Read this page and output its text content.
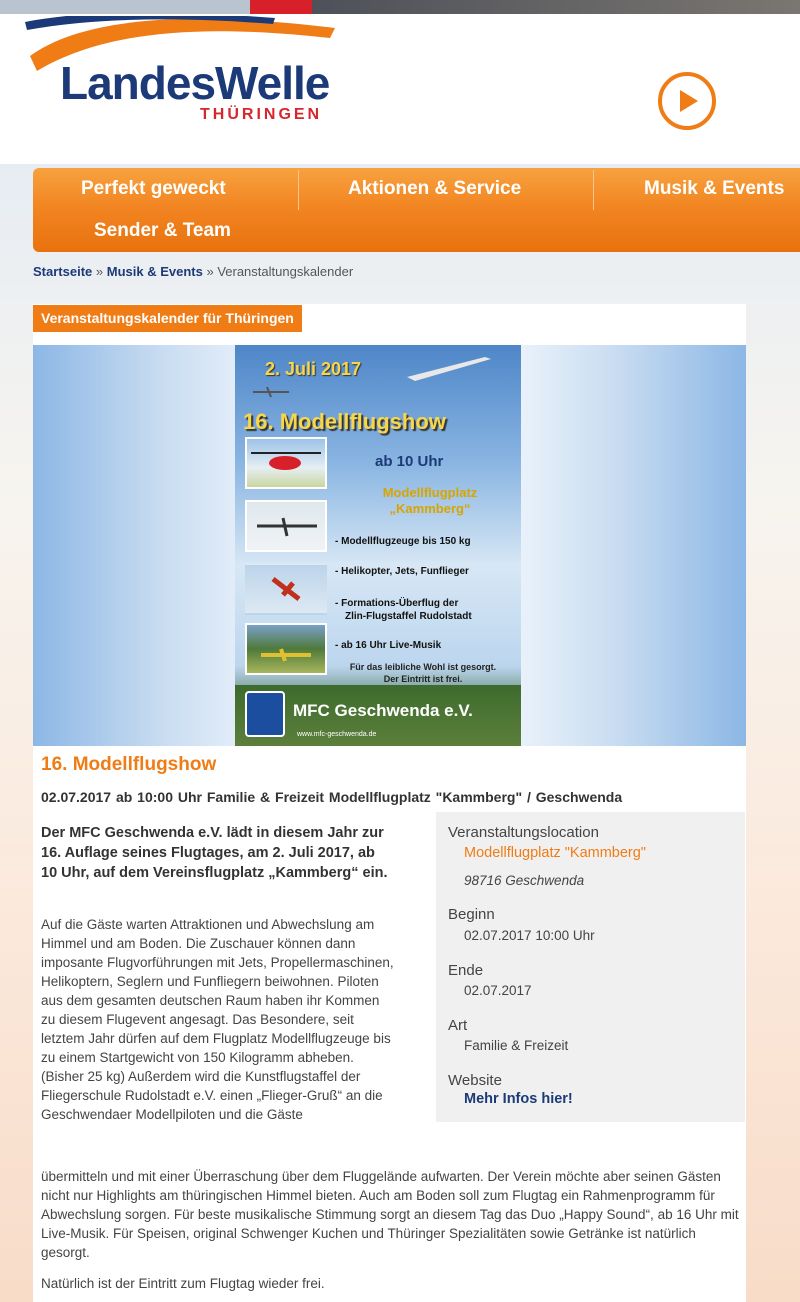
LandesWelle
THÜRINGEN
Perfekt geweckt	Aktionen & Service	Musik & Events
Sender & Team
Startseite » Musik & Events » Veranstaltungskalender
Veranstaltungskalender für Thüringen
2. Juli 2017
16. Modellflugshow
ab 10 Uhr
Modellflugplatz
„Kammberg“
- Modellflugzeuge bis 150 kg
- Helikopter, Jets, Funflieger
- Formations-Überflug der
Zlin-Flugstaffel Rudolstadt
- ab 16 Uhr Live-Musik
Für das leibliche Wohl ist gesorgt.
Der Eintritt ist frei.
MFC Geschwenda e.V.
www.mfc-geschwenda.de
16. Modellflugshow
02.07.2017 ab 10:00 Uhr Familie & Freizeit Modellflugplatz "Kammberg" / Geschwenda
Der MFC Geschwenda e.V. lädt in diesem Jahr zur 16. Auflage seines Flugtages, am 2. Juli 2017, ab 10 Uhr, auf dem Vereinsflugplatz „Kammberg“ ein.
Auf die Gäste warten Attraktionen und Abwechslung am Himmel und am Boden. Die Zuschauer können dann imposante Flugvorführungen mit Jets, Propellermaschinen, Helikoptern, Seglern und Funfliegern beiwohnen. Piloten aus dem gesamten deutschen Raum haben ihr Kommen zu diesem Flugevent angesagt. Das Besondere, seit letztem Jahr dürfen auf dem Flugplatz Modellflugzeuge bis zu einem Startgewicht von 150 Kilogramm abheben. (Bisher 25 kg) Außerdem wird die Kunstflugstaffel der Fliegerschule Rudolstadt e.V. einen „Flieger-Gruß“ an die Geschwendaer Modellpiloten und die Gäste
übermitteln und mit einer Überraschung über dem Fluggelände aufwarten. Der Verein möchte aber seinen Gästen nicht nur Highlights am thüringischen Himmel bieten. Auch am Boden soll zum Flugtag ein Rahmenprogramm für Abwechslung sorgen. Für beste musikalische Stimmung sorgt an diesem Tag das Duo „Happy Sound“, ab 16 Uhr mit Live-Musik. Für Speisen, original Schwenger Kuchen und Thüringer Spezialitäten sowie Getränke ist natürlich gesorgt.
Natürlich ist der Eintritt zum Flugtag wieder frei.
Veranstaltungslocation
Modellflugplatz "Kammberg"
98716 Geschwenda
Beginn
02.07.2017 10:00 Uhr
Ende
02.07.2017
Art
Familie & Freizeit
Website
Mehr Infos hier!
